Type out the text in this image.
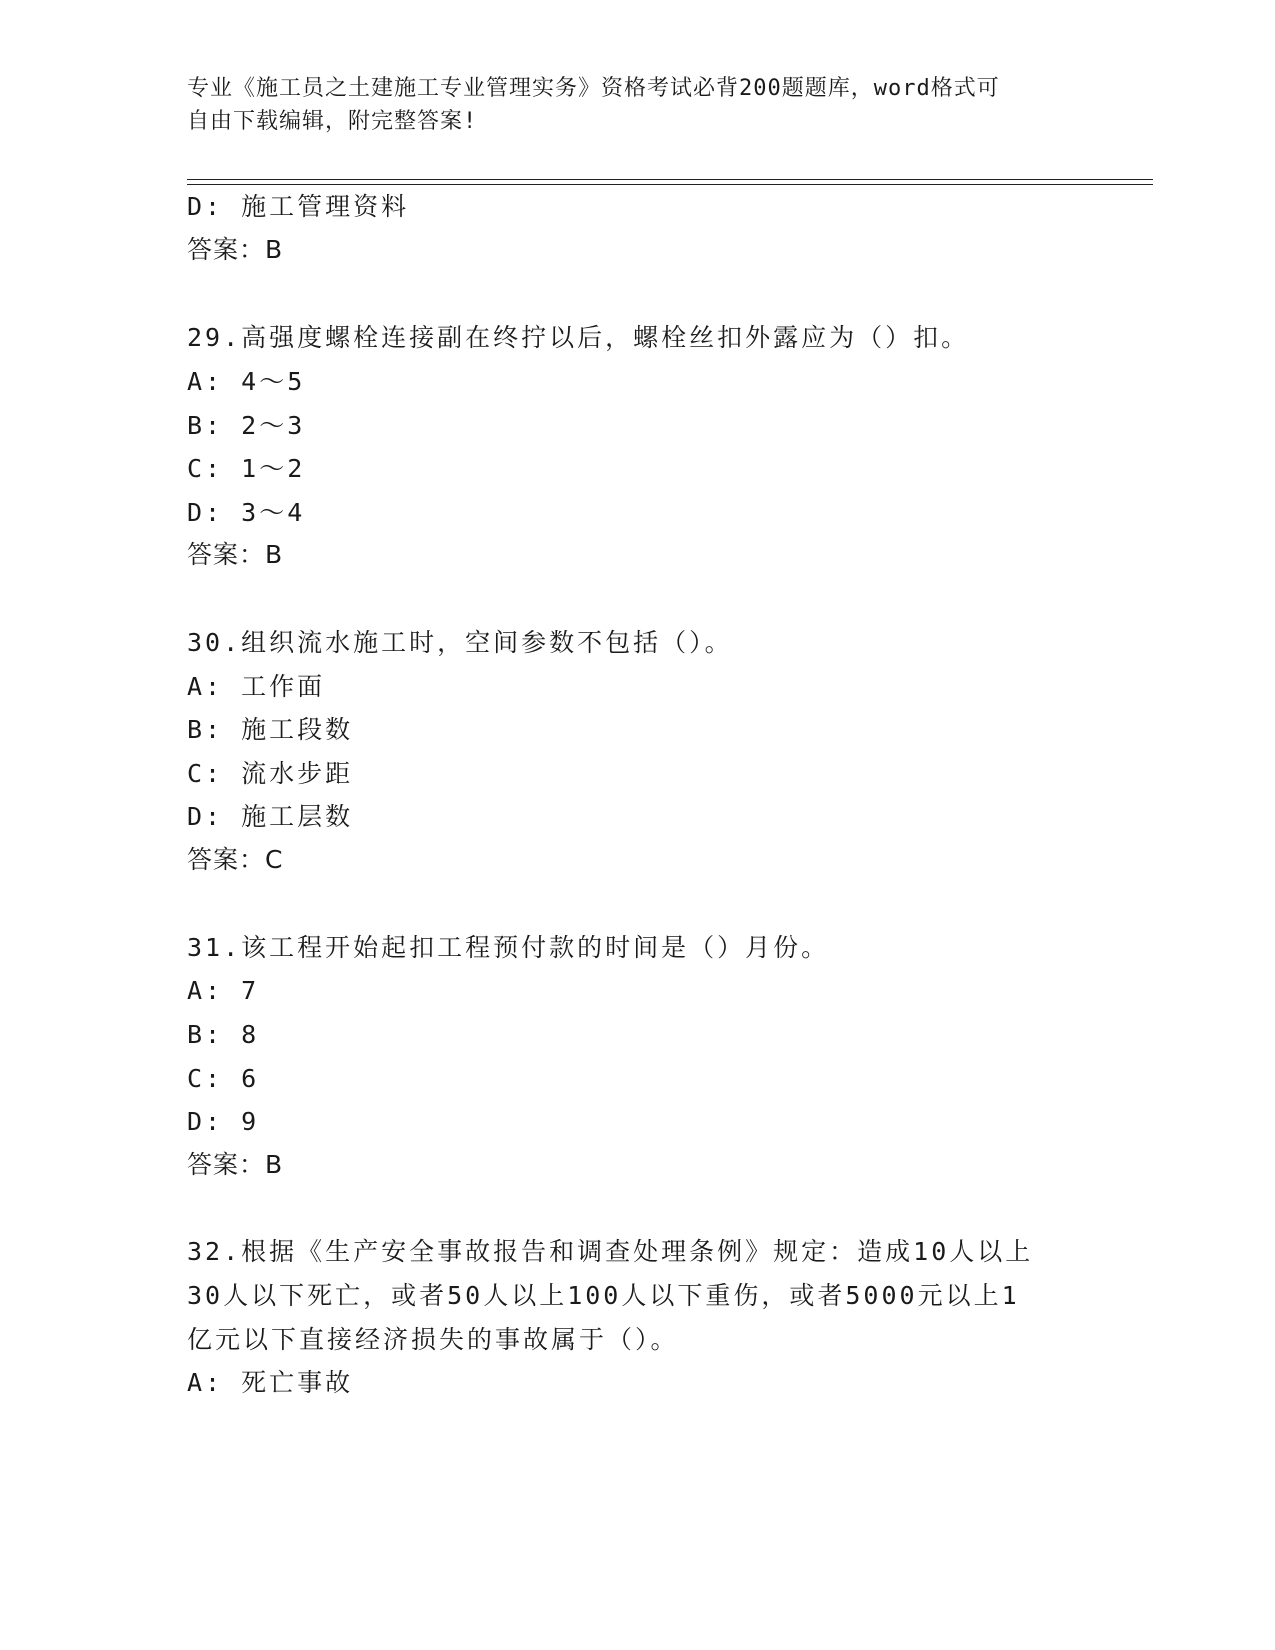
专业《施工员之土建施工专业管理实务》资格考试必背200题题库，word格式可
自由下载编辑，附完整答案!
D: 施工管理资料
答案：B
29.高强度螺栓连接副在终拧以后，螺栓丝扣外露应为（）扣。
A: 4～5
B: 2～3
C: 1～2
D: 3～4
答案：B
30.组织流水施工时，空间参数不包括（）。
A: 工作面
B: 施工段数
C: 流水步距
D: 施工层数
答案：C
31.该工程开始起扣工程预付款的时间是（）月份。
A: 7
B: 8
C: 6
D: 9
答案：B
32.根据《生产安全事故报告和调查处理条例》规定：造成10人以上
30人以下死亡，或者50人以上100人以下重伤，或者5000元以上1
亿元以下直接经济损失的事故属于（）。
A: 死亡事故
